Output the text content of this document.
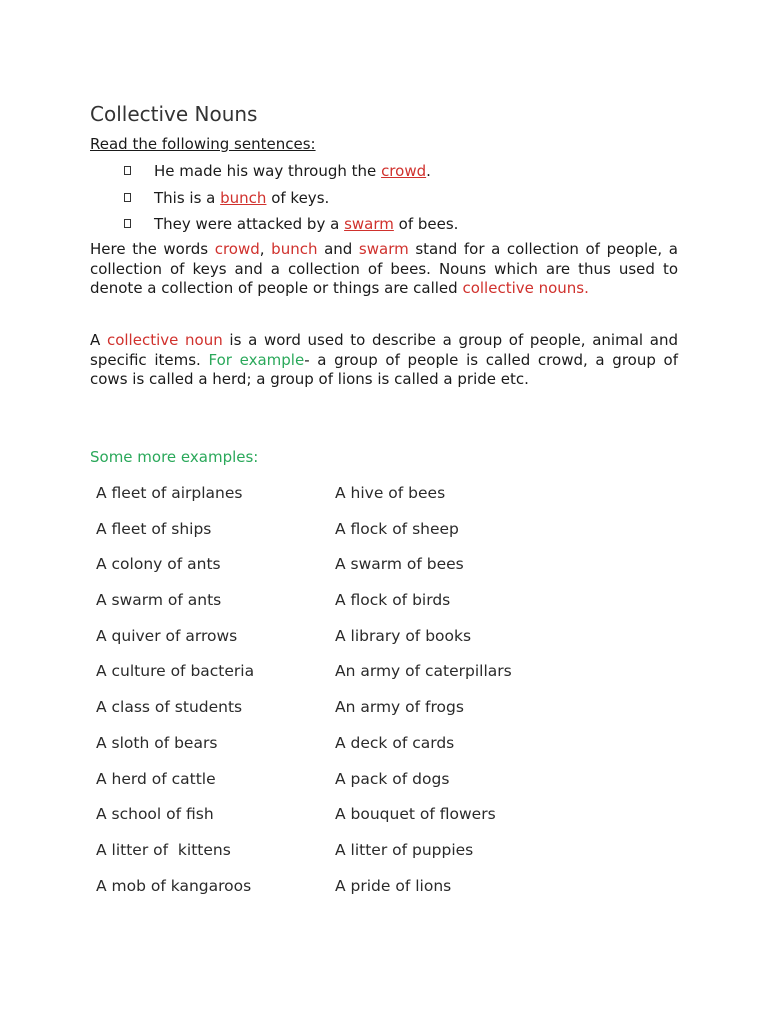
Collective Nouns
Read the following sentences:
He made his way through the crowd.
This is a bunch of keys.
They were attacked by a swarm of bees.

Here the words crowd, bunch and swarm stand for a collection of people, a collection of keys and a collection of bees. Nouns which are thus used to denote a collection of people or things are called collective nouns.

A collective noun is a word used to describe a group of people, animal and specific items. For example- a group of people is called crowd, a group of cows is called a herd; a group of lions is called a pride etc.

Some more examples:
A fleet of airplanes	A hive of bees
A fleet of ships	A flock of sheep
A colony of ants	A swarm of bees
A swarm of ants	A flock of birds
A quiver of arrows	A library of books
A culture of bacteria	An army of caterpillars
A class of students	An army of frogs
A sloth of bears	A deck of cards
A herd of cattle	A pack of dogs
A school of fish	A bouquet of flowers
A litter of  kittens	A litter of puppies
A mob of kangaroos	A pride of lions
